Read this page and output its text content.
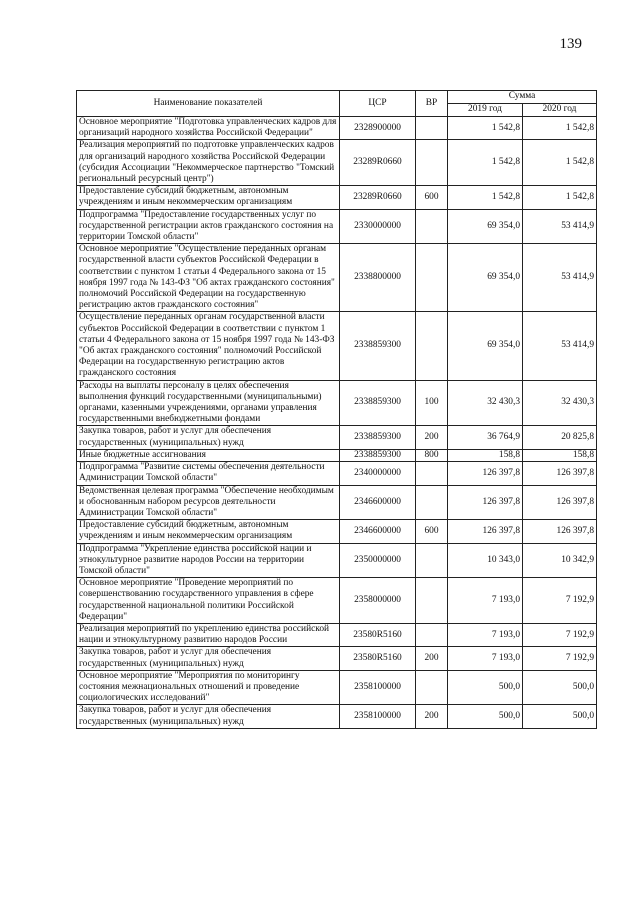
139
Наименование показателей	ЦСР	ВР	Сумма	
			2019 год	2020 год
Основное мероприятие "Подготовка управленческих кадров для организаций народного хозяйства Российской Федерации"	2328900000		1 542,8	1 542,8
Реализация мероприятий по подготовке управленческих кадров для организаций народного хозяйства Российской Федерации (субсидия Ассоциации "Некоммерческое партнерство "Томский региональный ресурсный центр")	23289R0660		1 542,8	1 542,8
Предоставление субсидий бюджетным, автономным учреждениям и иным некоммерческим организациям	23289R0660	600	1 542,8	1 542,8
Подпрограмма "Предоставление государственных услуг по государственной регистрации актов гражданского состояния на территории Томской области"	2330000000		69 354,0	53 414,9
Основное мероприятие "Осуществление переданных органам государственной власти субъектов Российской Федерации в соответствии с пунктом 1 статьи 4 Федерального закона от 15 ноября 1997 года № 143-ФЗ "Об актах гражданского состояния" полномочий Российской Федерации на государственную регистрацию актов гражданского состояния"	2338800000		69 354,0	53 414,9
Осуществление переданных органам государственной власти субъектов Российской Федерации в соответствии с пунктом 1 статьи 4 Федерального закона от 15 ноября 1997 года № 143-ФЗ "Об актах гражданского состояния" полномочий Российской Федерации на государственную регистрацию актов гражданского состояния	2338859300		69 354,0	53 414,9
Расходы на выплаты персоналу в целях обеспечения выполнения функций государственными (муниципальными) органами, казенными учреждениями, органами управления государственными внебюджетными фондами	2338859300	100	32 430,3	32 430,3
Закупка товаров, работ и услуг для обеспечения государственных (муниципальных) нужд	2338859300	200	36 764,9	20 825,8
Иные бюджетные ассигнования	2338859300	800	158,8	158,8
Подпрограмма "Развитие системы обеспечения деятельности Администрации Томской области"	2340000000		126 397,8	126 397,8
Ведомственная целевая программа "Обеспечение необходимым и обоснованным набором ресурсов деятельности Администрации Томской области"	2346600000		126 397,8	126 397,8
Предоставление субсидий бюджетным, автономным учреждениям и иным некоммерческим организациям	2346600000	600	126 397,8	126 397,8
Подпрограмма "Укрепление единства российской нации и этнокультурное развитие народов России на территории Томской области"	2350000000		10 343,0	10 342,9
Основное мероприятие "Проведение мероприятий по совершенствованию государственного управления в сфере государственной национальной политики Российской Федерации"	2358000000		7 193,0	7 192,9
Реализация мероприятий по укреплению единства российской нации и этнокультурному развитию народов России	23580R5160		7 193,0	7 192,9
Закупка товаров, работ и услуг для обеспечения государственных (муниципальных) нужд	23580R5160	200	7 193,0	7 192,9
Основное мероприятие "Мероприятия по мониторингу состояния межнациональных отношений и проведение социологических исследований"	2358100000		500,0	500,0
Закупка товаров, работ и услуг для обеспечения государственных (муниципальных) нужд	2358100000	200	500,0	500,0
